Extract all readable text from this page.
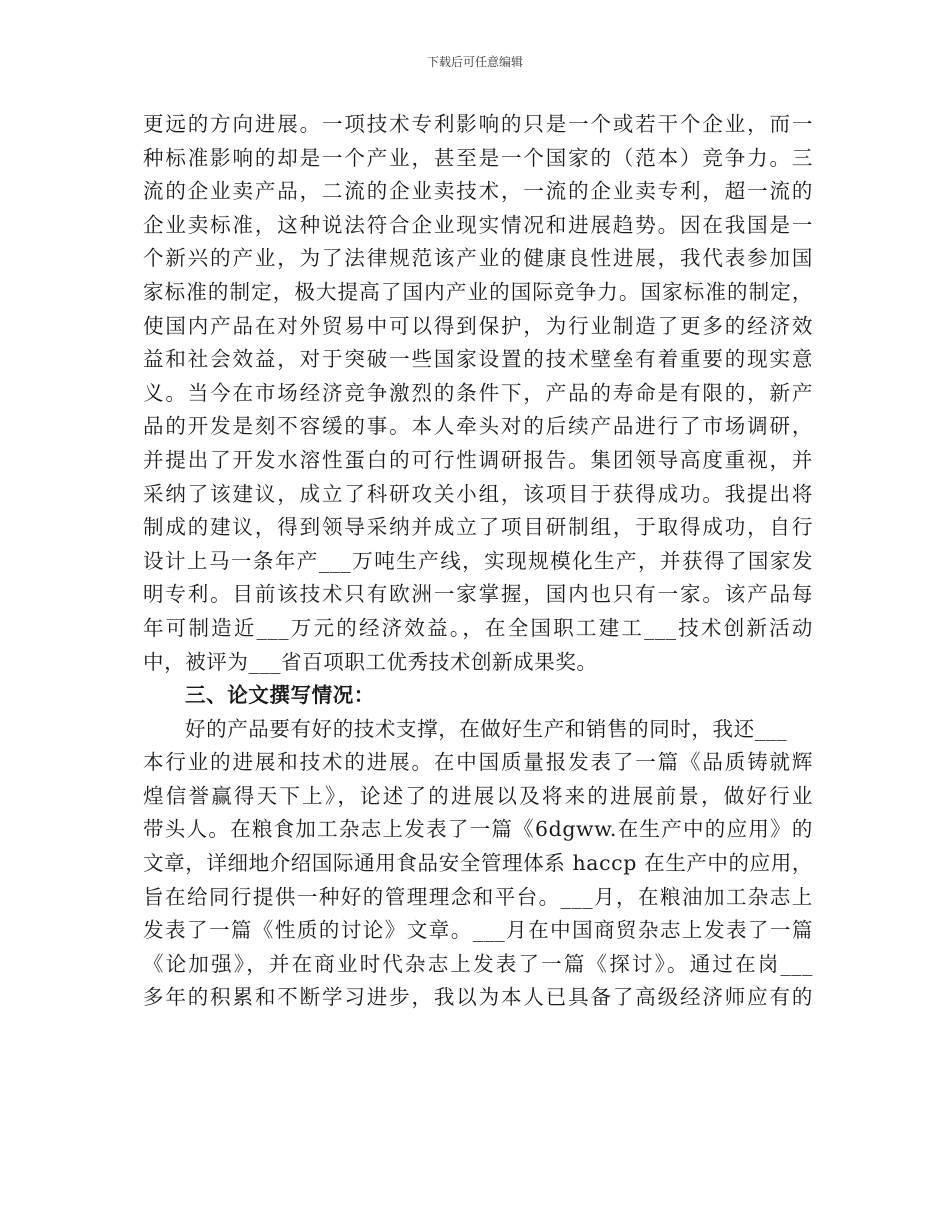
下载后可任意编辑
更远的方向进展。一项技术专利影响的只是一个或若干个企业，而一
种标准影响的却是一个产业，甚至是一个国家的（范本）竞争力。三
流的企业卖产品，二流的企业卖技术，一流的企业卖专利，超一流的
企业卖标准，这种说法符合企业现实情况和进展趋势。因在我国是一
个新兴的产业，为了法律规范该产业的健康良性进展，我代表参加国
家标准的制定，极大提高了国内产业的国际竞争力。国家标准的制定，
使国内产品在对外贸易中可以得到保护，为行业制造了更多的经济效
益和社会效益，对于突破一些国家设置的技术壁垒有着重要的现实意
义。当今在市场经济竞争激烈的条件下，产品的寿命是有限的，新产
品的开发是刻不容缓的事。本人牵头对的后续产品进行了市场调研，
并提出了开发水溶性蛋白的可行性调研报告。集团领导高度重视，并
采纳了该建议，成立了科研攻关小组，该项目于获得成功。我提出将
制成的建议，得到领导采纳并成立了项目研制组，于取得成功，自行
设计上马一条年产___万吨生产线，实现规模化生产，并获得了国家发
明专利。目前该技术只有欧洲一家掌握，国内也只有一家。该产品每
年可制造近___万元的经济效益。，在全国职工建工___技术创新活动
中，被评为___省百项职工优秀技术创新成果奖。
三、论文撰写情况：
好的产品要有好的技术支撑，在做好生产和销售的同时，我还___
本行业的进展和技术的进展。在中国质量报发表了一篇《品质铸就辉
煌信誉赢得天下上》，论述了的进展以及将来的进展前景，做好行业
带头人。在粮食加工杂志上发表了一篇《6dgww.在生产中的应用》的
文章，详细地介绍国际通用食品安全管理体系 haccp 在生产中的应用，
旨在给同行提供一种好的管理理念和平台。___月，在粮油加工杂志上
发表了一篇《性质的讨论》文章。___月在中国商贸杂志上发表了一篇
《论加强》，并在商业时代杂志上发表了一篇《探讨》。通过在岗___
多年的积累和不断学习进步，我以为本人已具备了高级经济师应有的
